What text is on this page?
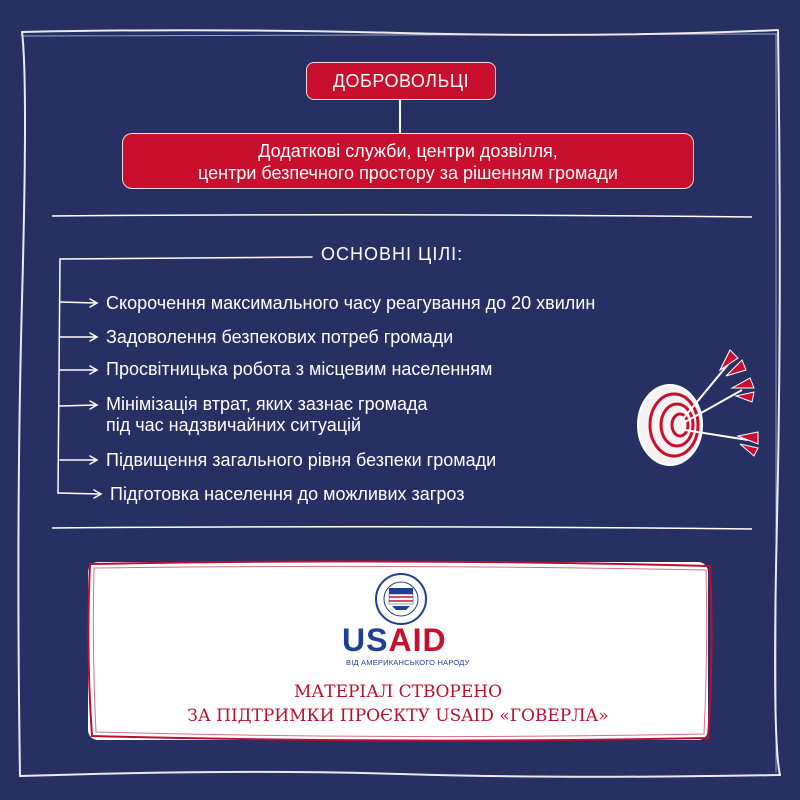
ДОБРОВОЛЬЦІ
Додаткові служби, центри дозвілля,
центри безпечного простору за рішенням громади
ОСНОВНІ ЦІЛІ:
Скорочення максимального часу реагування до 20 хвилин
Задоволення безпекових потреб громади
Просвітницька робота з місцевим населенням
Мінімізація втрат, яких зазнає громада
під час надзвичайних ситуацій
Підвищення загального рівня безпеки громади
Підготовка населення до можливих загроз
USAID
ВІД АМЕРИКАНСЬКОГО НАРОДУ
МАТЕРІАЛ СТВОРЕНО
ЗА ПІДТРИМКИ ПРОЄКТУ USAID «ГОВЕРЛА»
